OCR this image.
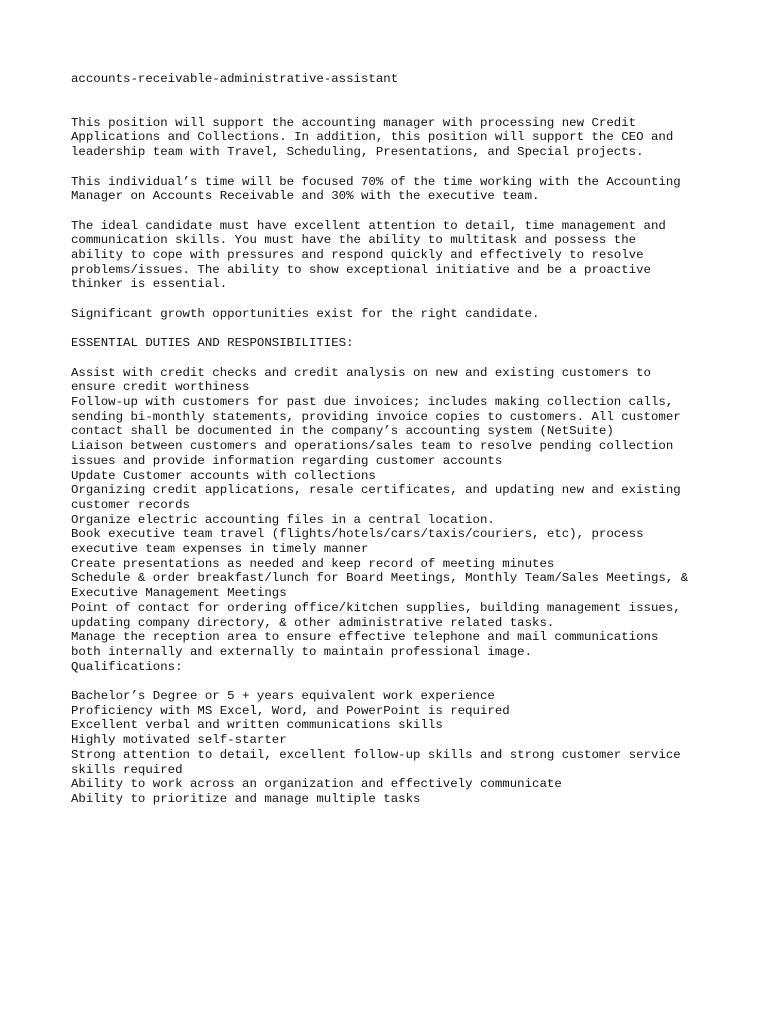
accounts-receivable-administrative-assistant
This position will support the accounting manager with processing new Credit
Applications and Collections. In addition, this position will support the CEO and
leadership team with Travel, Scheduling, Presentations, and Special projects.
This individual’s time will be focused 70% of the time working with the Accounting
Manager on Accounts Receivable and 30% with the executive team.
The ideal candidate must have excellent attention to detail, time management and
communication skills. You must have the ability to multitask and possess the
ability to cope with pressures and respond quickly and effectively to resolve
problems/issues. The ability to show exceptional initiative and be a proactive
thinker is essential.
Significant growth opportunities exist for the right candidate.
ESSENTIAL DUTIES AND RESPONSIBILITIES:
Assist with credit checks and credit analysis on new and existing customers to
ensure credit worthiness
Follow-up with customers for past due invoices; includes making collection calls,
sending bi-monthly statements, providing invoice copies to customers. All customer
contact shall be documented in the company’s accounting system (NetSuite)
Liaison between customers and operations/sales team to resolve pending collection
issues and provide information regarding customer accounts
Update Customer accounts with collections
Organizing credit applications, resale certificates, and updating new and existing
customer records
Organize electric accounting files in a central location.
Book executive team travel (flights/hotels/cars/taxis/couriers, etc), process
executive team expenses in timely manner
Create presentations as needed and keep record of meeting minutes
Schedule & order breakfast/lunch for Board Meetings, Monthly Team/Sales Meetings, &
Executive Management Meetings
Point of contact for ordering office/kitchen supplies, building management issues,
updating company directory, & other administrative related tasks.
Manage the reception area to ensure effective telephone and mail communications
both internally and externally to maintain professional image.
Qualifications:
Bachelor’s Degree or 5 + years equivalent work experience
Proficiency with MS Excel, Word, and PowerPoint is required
Excellent verbal and written communications skills
Highly motivated self-starter
Strong attention to detail, excellent follow-up skills and strong customer service
skills required
Ability to work across an organization and effectively communicate
Ability to prioritize and manage multiple tasks
